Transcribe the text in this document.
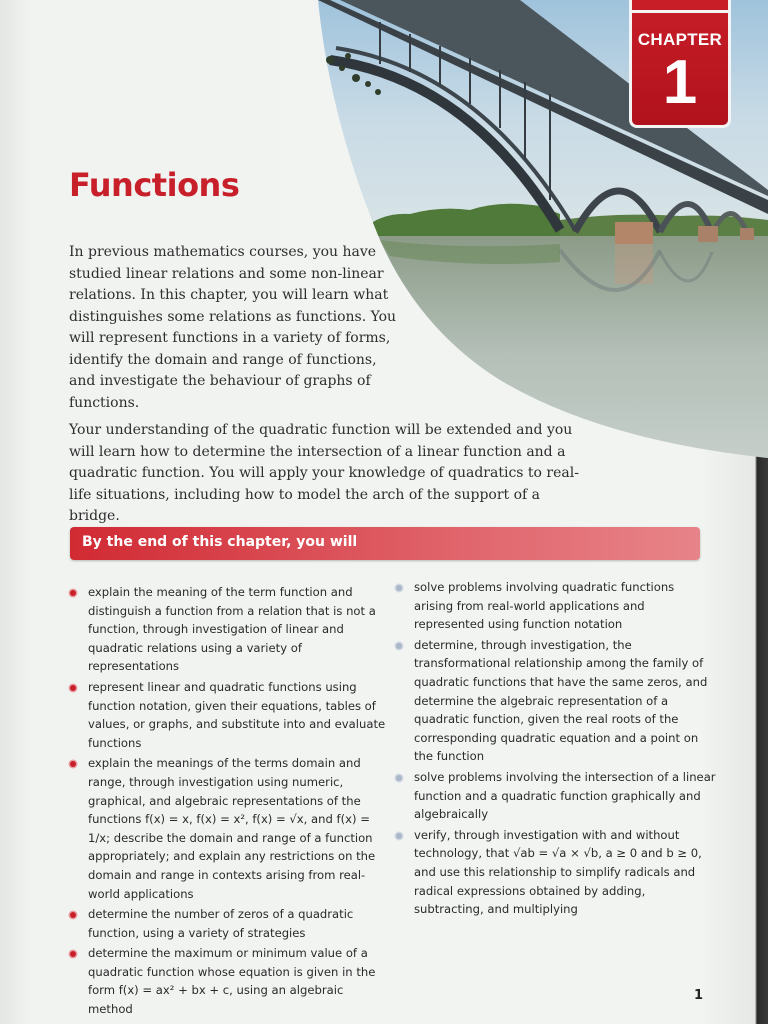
CHAPTER
1
Functions

In previous mathematics courses, you have studied linear relations and some non-linear relations. In this chapter, you will learn what distinguishes some relations as functions. You will represent functions in a variety of forms, identify the domain and range of functions, and investigate the behaviour of graphs of functions.

Your understanding of the quadratic function will be extended and you will learn how to determine the intersection of a linear function and a quadratic function. You will apply your knowledge of quadratics to real-life situations, including how to model the arch of the support of a bridge.

By the end of this chapter, you will
explain the meaning of the term function and distinguish a function from a relation that is not a function, through investigation of linear and quadratic relations using a variety of representations
represent linear and quadratic functions using function notation, given their equations, tables of values, or graphs, and substitute into and evaluate functions
explain the meanings of the terms domain and range, through investigation using numeric, graphical, and algebraic representations of the functions f(x) = x, f(x) = x², f(x) = √x, and f(x) = 1/x; describe the domain and range of a function appropriately; and explain any restrictions on the domain and range in contexts arising from real-world applications
determine the number of zeros of a quadratic function, using a variety of strategies
determine the maximum or minimum value of a quadratic function whose equation is given in the form f(x) = ax² + bx + c, using an algebraic method
solve problems involving quadratic functions arising from real-world applications and represented using function notation
determine, through investigation, the transformational relationship among the family of quadratic functions that have the same zeros, and determine the algebraic representation of a quadratic function, given the real roots of the corresponding quadratic equation and a point on the function
solve problems involving the intersection of a linear function and a quadratic function graphically and algebraically
verify, through investigation with and without technology, that √ab = √a × √b, a ≥ 0 and b ≥ 0, and use this relationship to simplify radicals and radical expressions obtained by adding, subtracting, and multiplying
1
